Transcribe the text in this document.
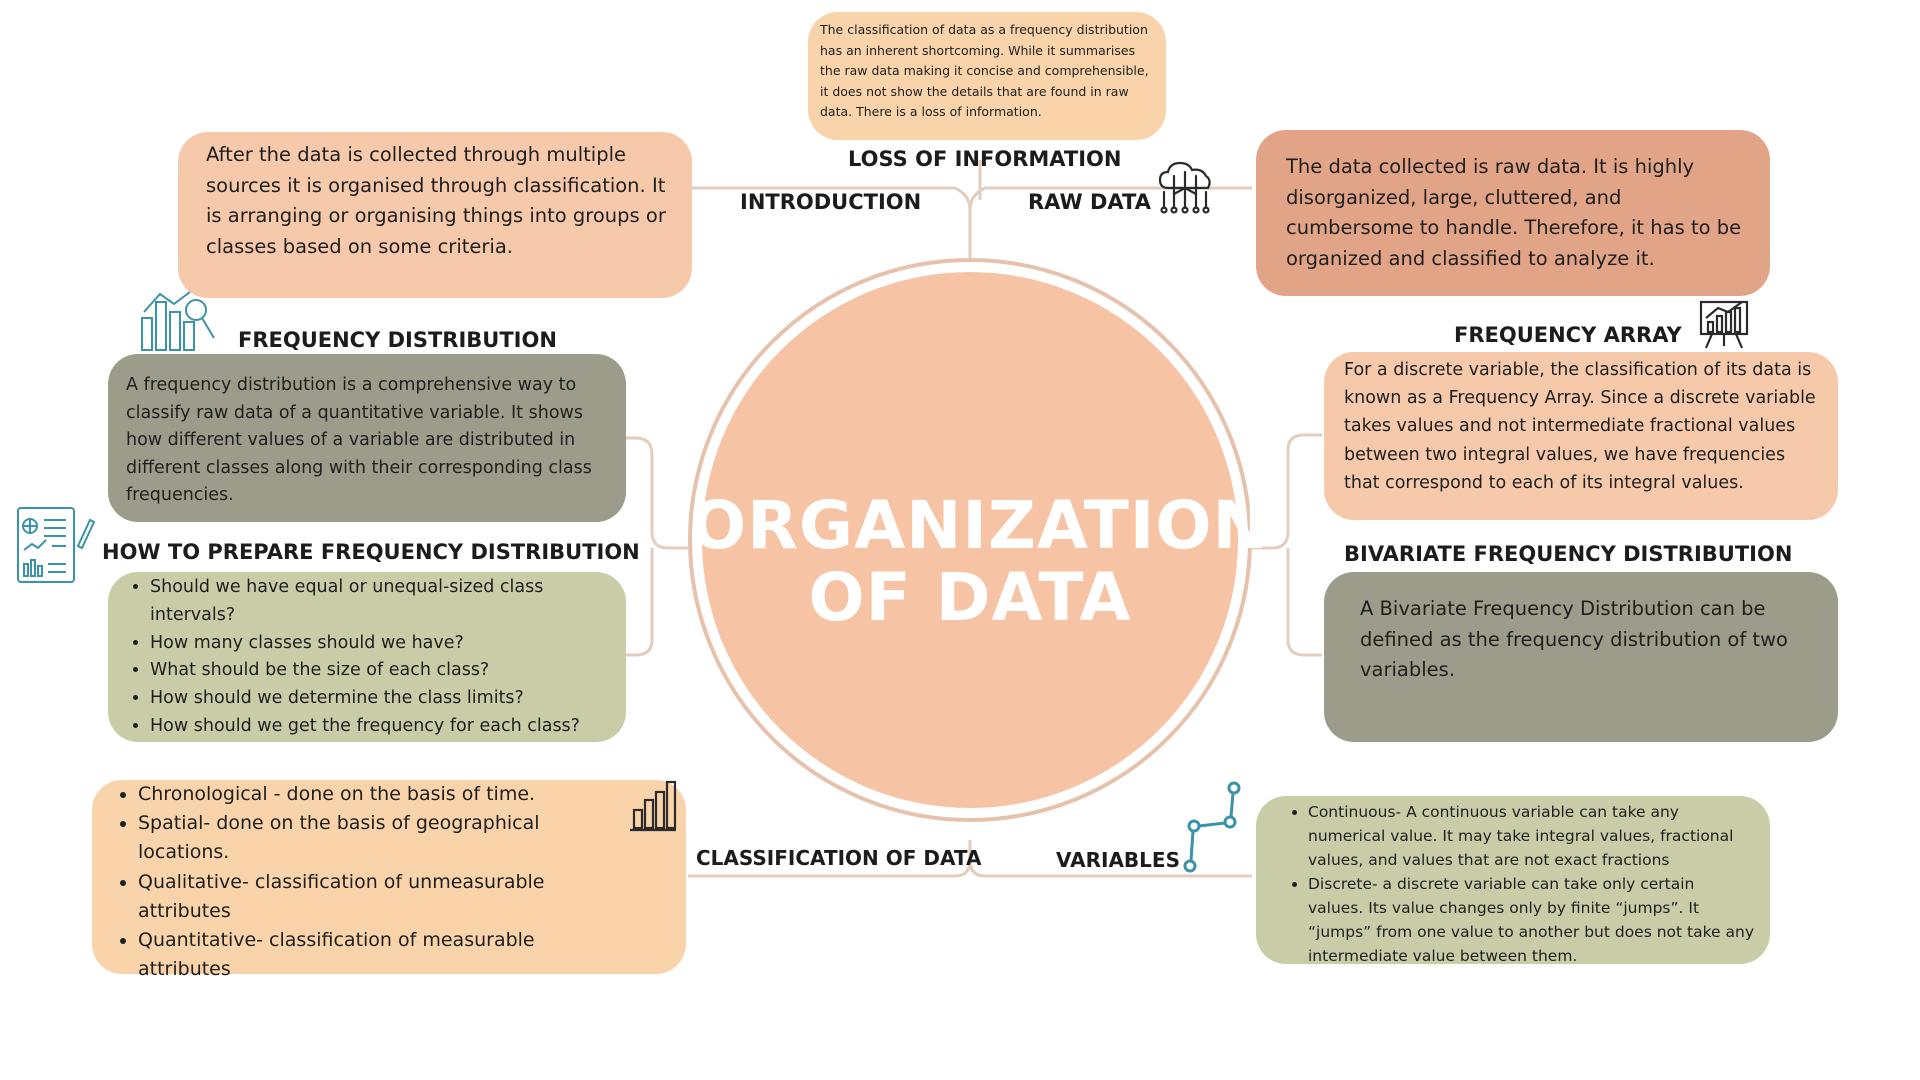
ORGANIZATION
OF DATA
The classification of data as a frequency distribution has an inherent shortcoming. While it summarises the raw data making it concise and comprehensible, it does not show the details that are found in raw data. There is a loss of information.
LOSS OF INFORMATION
After the data is collected through multiple sources it is organised through classification. It is arranging or organising things into groups or classes based on some criteria.
INTRODUCTION	RAW DATA
The data collected is raw data. It is highly disorganized, large, cluttered, and cumbersome to handle. Therefore, it has to be organized and classified to analyze it.
FREQUENCY DISTRIBUTION
A frequency distribution is a comprehensive way to classify raw data of a quantitative variable. It shows how different values of a variable are distributed in different classes along with their corresponding class frequencies.
FREQUENCY ARRAY
For a discrete variable, the classification of its data is known as a Frequency Array. Since a discrete variable takes values and not intermediate fractional values between two integral values, we have frequencies that correspond to each of its integral values.
HOW TO PREPARE FREQUENCY DISTRIBUTION
• Should we have equal or unequal-sized class intervals?
• How many classes should we have?
• What should be the size of each class?
• How should we determine the class limits?
• How should we get the frequency for each class?
BIVARIATE FREQUENCY DISTRIBUTION
A Bivariate Frequency Distribution can be defined as the frequency distribution of two variables.
• Chronological - done on the basis of time.
• Spatial- done on the basis of geographical locations.
• Qualitative- classification of unmeasurable attributes
• Quantitative- classification of measurable attributes
CLASSIFICATION OF DATA	VARIABLES
• Continuous- A continuous variable can take any numerical value. It may take integral values, fractional values, and values that are not exact fractions
• Discrete- a discrete variable can take only certain values. Its value changes only by finite “jumps”. It “jumps” from one value to another but does not take any intermediate value between them.
